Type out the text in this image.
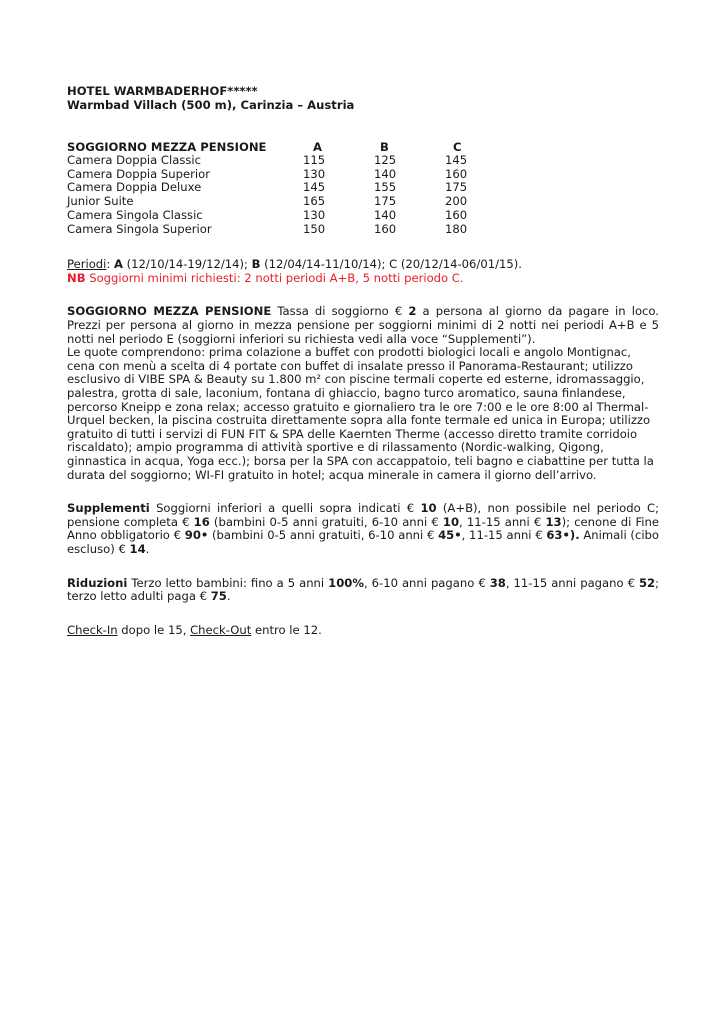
HOTEL WARMBADERHOF*****
Warmbad Villach (500 m), Carinzia – Austria
SOGGIORNO MEZZA PENSIONE	A	B	C
Camera Doppia Classic	115	125	145
Camera Doppia Superior	130	140	160
Camera Doppia Deluxe	145	155	175
Junior Suite	165	175	200
Camera Singola Classic	130	140	160
Camera Singola Superior	150	160	180

Periodi: A (12/10/14-19/12/14); B (12/04/14-11/10/14); C (20/12/14-06/01/15).

NB Soggiorni minimi richiesti: 2 notti periodi A+B, 5 notti periodo C.

SOGGIORNO MEZZA PENSIONE Tassa di soggiorno € 2 a persona al giorno da pagare in loco. Prezzi per persona al giorno in mezza pensione per soggiorni minimi di 2 notti nei periodi A+B e 5 notti nel periodo E (soggiorni inferiori su richiesta vedi alla voce “Supplementi”).

Le quote comprendono: prima colazione a buffet con prodotti biologici locali e angolo Montignac, cena con menù a scelta di 4 portate con buffet di insalate presso il Panorama-Restaurant; utilizzo esclusivo di VIBE SPA & Beauty su 1.800 m² con piscine termali coperte ed esterne, idromassaggio, palestra, grotta di sale, laconium, fontana di ghiaccio, bagno turco aromatico, sauna finlandese, percorso Kneipp e zona relax; accesso gratuito e giornaliero tra le ore 7:00 e le ore 8:00 al Thermal-Urquel becken, la piscina costruita direttamente sopra alla fonte termale ed unica in Europa; utilizzo gratuito di tutti i servizi di FUN FIT & SPA delle Kaernten Therme (accesso diretto tramite corridoio riscaldato); ampio programma di attività sportive e di rilassamento (Nordic-walking, Qigong, ginnastica in acqua, Yoga ecc.); borsa per la SPA con accappatoio, teli bagno e ciabattine per tutta la durata del soggiorno; WI-FI gratuito in hotel; acqua minerale in camera il giorno dell’arrivo.

Supplementi Soggiorni inferiori a quelli sopra indicati € 10 (A+B), non possibile nel periodo C; pensione completa € 16 (bambini 0-5 anni gratuiti, 6-10 anni € 10, 11-15 anni € 13); cenone di Fine Anno obbligatorio € 90• (bambini 0-5 anni gratuiti, 6-10 anni € 45•, 11-15 anni € 63•). Animali (cibo escluso) € 14.

Riduzioni Terzo letto bambini: fino a 5 anni 100%, 6-10 anni pagano € 38, 11-15 anni pagano € 52; terzo letto adulti paga € 75.

Check-In dopo le 15, Check-Out entro le 12.
